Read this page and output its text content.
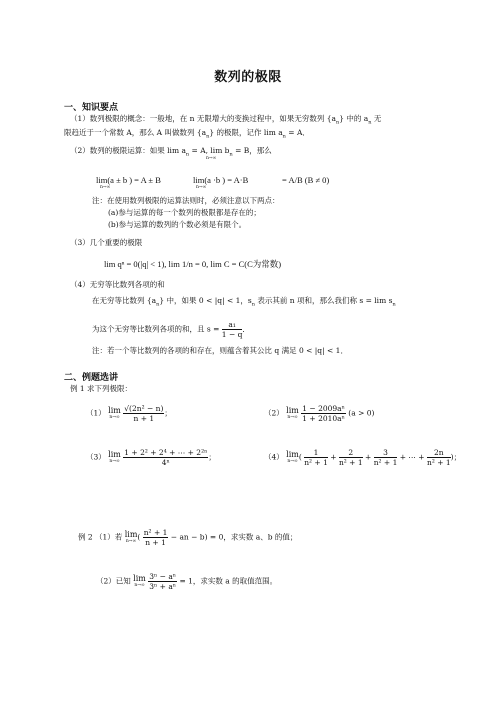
数列的极限
一、知识要点
（1）数列极限的概念：一般地，在 n 无限增大的变换过程中，如果无穷数列 $\{a_n\}$ 中的 $a_n$ 无
限趋近于一个常数 A，那么 A 叫做数列 $\{a_n\}$ 的极限，记作 $\lim a_n = A$．
（2）数列的极限运算：如果 $\lim a_n = A$, $\lim b_n = B$，那么
n→∞
lim(a ± b ) = A ± B	lim(a ·b ) = A·B	= A/B (B ≠ 0)
n→∞	n→∞
注：在使用数列极限的运算法则时，必须注意以下两点：
(a)参与运算的每一个数列的极限都是存在的；
(b)参与运算的数列的个数必须是有限个。
（3）几个重要的极限
lim qⁿ = 0(|q| < 1), lim 1/n = 0, lim C = C(C为常数)
（4）无穷等比数列各项的和
在无穷等比数列 $\{a_n\}$ 中，如果 0 < |q| < 1，$s_n$ 表示其前 n 项和，那么我们称 $s = \lim s_n$
为这个无穷等比数列各项的和，且 $s = \frac{\text{a₁}}{1 - q}$ ．
注：若一个等比数列的各项的和存在，则蕴含着其公比 q 满足 0 < |q| < 1．
二、例题选讲
例 1 求下列极限：
（1） lim
n→∞
$\frac{\text{√(2n² − n)}}{n + 1}$ ；	（2） lim
n→∞
$\frac{\text{1 − 2009aⁿ}}{\text{1 + 2010aⁿ}} (a > 0)$
（3） lim
n→∞
$\frac{\text{1 + 2² + 2⁴ + ⋯ + 2²ⁿ}}{\text{4ⁿ}}$ ；	（4） lim
n→∞ ( $\frac{1}{\text{n² + 1}} + \frac{2}{\text{n² + 1}} + \frac{3}{\text{n² + 1}}$ + ⋯ + $\frac{2n}{\text{n² + 1}}$ )；
例 2 （1）若 lim
n→∞ ( $\frac{\text{n² + 1}}{n + 1}$ − an − b) = 0，求实数 a、b 的值；
（2）已知 lim
n→∞
$\frac{\text{3ⁿ − aⁿ}}{\text{3ⁿ + aⁿ}} = 1$，求实数 a 的取值范围。
